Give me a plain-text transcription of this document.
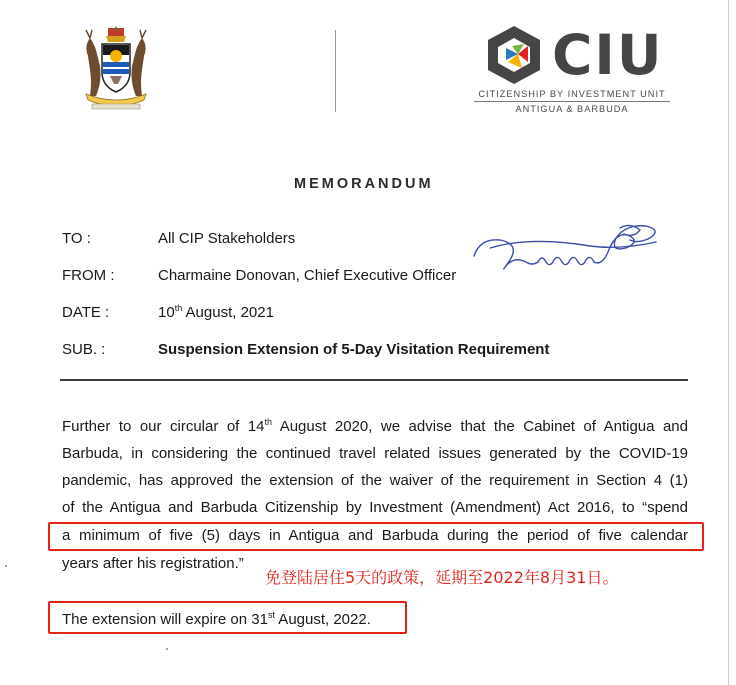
CIU
CITIZENSHIP BY INVESTMENT UNIT
ANTIGUA & BARBUDA
MEMORANDUM
TO :	All CIP Stakeholders
FROM :	Charmaine Donovan, Chief Executive Officer
DATE :	10th August, 2021
SUB. :	Suspension Extension of 5-Day Visitation Requirement
Further to our circular of 14th August 2020, we advise that the Cabinet of Antigua and
Barbuda, in considering the continued travel related issues generated by the COVID-19
pandemic, has approved the extension of the waiver of the requirement in Section 4 (1)
of the Antigua and Barbuda Citizenship by Investment (Amendment) Act 2016, to “spend
a minimum of five (5) days in Antigua and Barbuda during the period of five calendar
years after his registration.”
The extension will expire on 31st August, 2022.
免登陆居住5天的政策，延期至2022年8月31日。
